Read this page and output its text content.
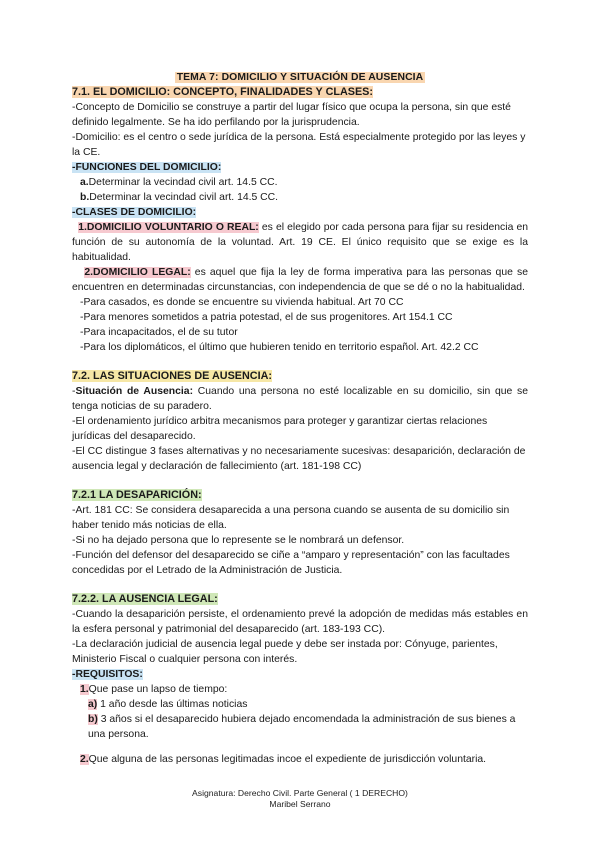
TEMA 7: DOMICILIO Y SITUACIÓN DE AUSENCIA

7.1. EL DOMICILIO: CONCEPTO, FINALIDADES Y CLASES:

-Concepto de Domicilio se construye a partir del lugar físico que ocupa la persona, sin que esté definido legalmente. Se ha ido perfilando por la jurisprudencia.

-Domicilio: es el centro o sede jurídica de la persona. Está especialmente protegido por las leyes y la CE.

-FUNCIONES DEL DOMICILIO:

a.Determinar la vecindad civil art. 14.5 CC.

b.Determinar la vecindad civil art. 14.5 CC.

-CLASES DE DOMICILIO:

1.DOMICILIO VOLUNTARIO O REAL: es el elegido por cada persona para fijar su residencia en función de su autonomía de la voluntad. Art. 19 CE. El único requisito que se exige es la habitualidad.

2.DOMICILIO LEGAL: es aquel que fija la ley de forma imperativa para las personas que se encuentren en determinadas circunstancias, con independencia de que se dé o no la habitualidad.

-Para casados, es donde se encuentre su vivienda habitual. Art 70 CC

-Para menores sometidos a patria potestad, el de sus progenitores. Art 154.1 CC

-Para incapacitados, el de su tutor

-Para los diplomáticos, el último que hubieren tenido en territorio español. Art. 42.2 CC

7.2. LAS SITUACIONES DE AUSENCIA:

-Situación de Ausencia: Cuando una persona no esté localizable en su domicilio, sin que se tenga noticias de su paradero.

-El ordenamiento jurídico arbitra mecanismos para proteger y garantizar ciertas relaciones jurídicas del desaparecido.

-El CC distingue 3 fases alternativas y no necesariamente sucesivas: desaparición, declaración de ausencia legal y declaración de fallecimiento (art. 181-198 CC)

7.2.1 LA DESAPARICIÓN:

-Art. 181 CC: Se considera desaparecida a una persona cuando se ausenta de su domicilio sin haber tenido más noticias de ella.

-Si no ha dejado persona que lo represente se le nombrará un defensor.

-Función del defensor del desaparecido se ciñe a “amparo y representación” con las facultades concedidas por el Letrado de la Administración de Justicia.

7.2.2. LA AUSENCIA LEGAL:

-Cuando la desaparición persiste, el ordenamiento prevé la adopción de medidas más estables en la esfera personal y patrimonial del desaparecido (art. 183-193 CC).

-La declaración judicial de ausencia legal puede y debe ser instada por: Cónyuge, parientes, Ministerio Fiscal o cualquier persona con interés.

-REQUISITOS:

1.Que pase un lapso de tiempo:

a) 1 año desde las últimas noticias

b) 3 años si el desaparecido hubiera dejado encomendada la administración de sus bienes a una persona.

2.Que alguna de las personas legitimadas incoe el expediente de jurisdicción voluntaria.

Asignatura: Derecho Civil. Parte General ( 1 DERECHO)
Maribel Serrano
